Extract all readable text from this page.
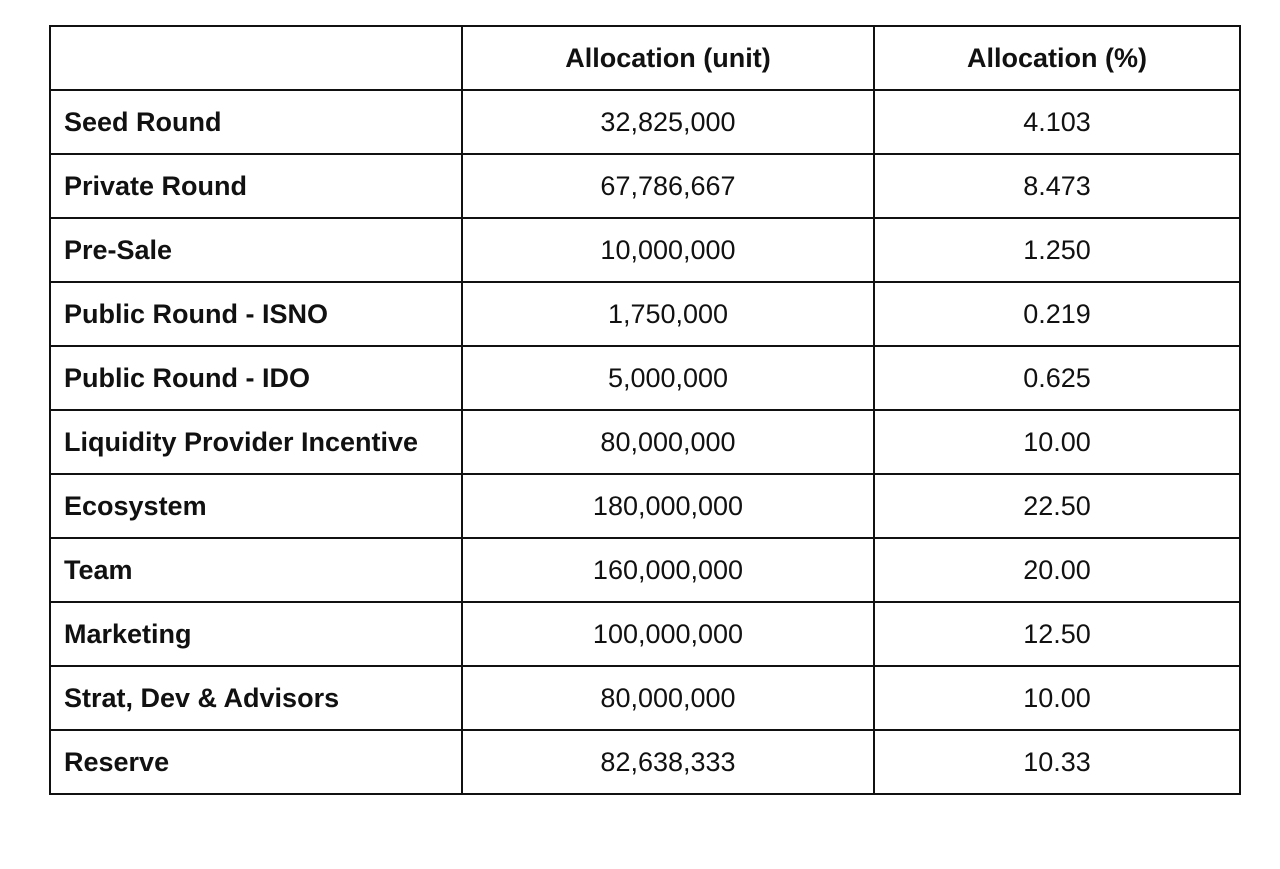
	Allocation (unit)	Allocation (%)
Seed Round	32,825,000	4.103
Private Round	67,786,667	8.473
Pre-Sale	10,000,000	1.250
Public Round - ISNO	1,750,000	0.219
Public Round - IDO	5,000,000	0.625
Liquidity Provider Incentive	80,000,000	10.00
Ecosystem	180,000,000	22.50
Team	160,000,000	20.00
Marketing	100,000,000	12.50
Strat, Dev & Advisors	80,000,000	10.00
Reserve	82,638,333	10.33
